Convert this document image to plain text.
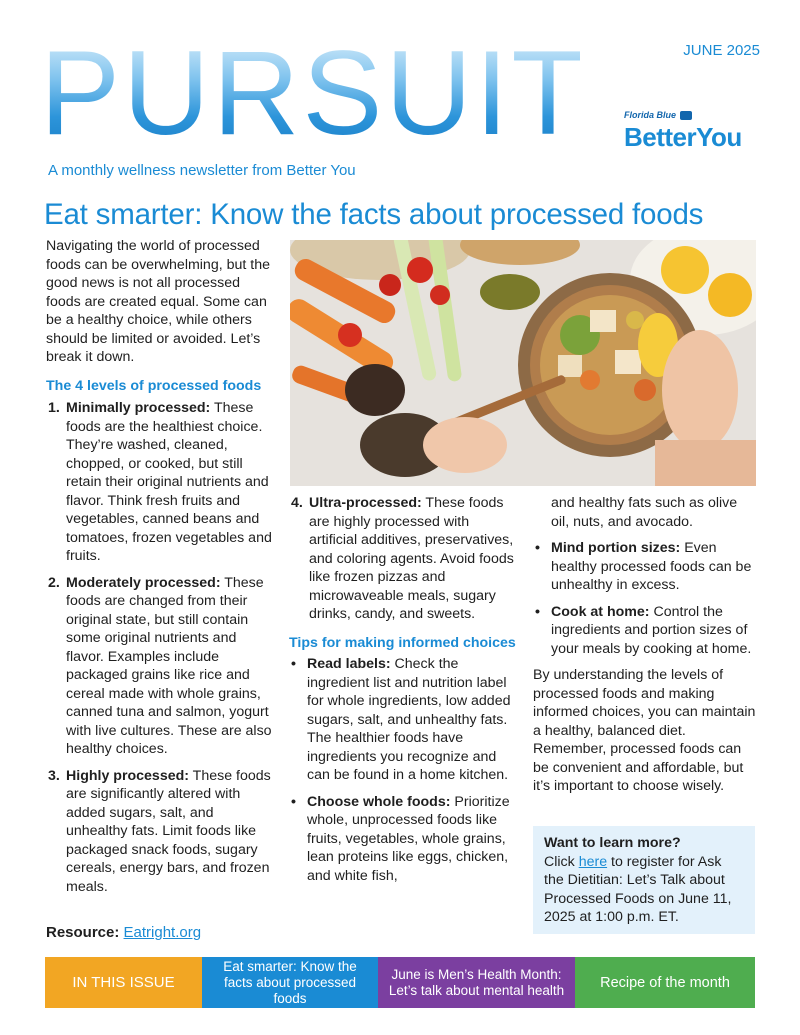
PURSUIT	JUNE 2025
Florida Blue
BetterYou
A monthly wellness newsletter from Better You
Eat smarter: Know the facts about processed foods

Navigating the world of processed foods can be overwhelming, but the good news is not all processed foods are created equal. Some can be a healthy choice, while others should be limited or avoided. Let’s break it down.

The 4 levels of processed foods
1. Minimally processed: These foods are the healthiest choice. They’re washed, cleaned, chopped, or cooked, but still retain their original nutrients and flavor. Think fresh fruits and vegetables, canned beans and tomatoes, frozen vegetables and fruits.
2. Moderately processed: These foods are changed from their original state, but still contain some original nutrients and flavor. Examples include packaged grains like rice and cereal made with whole grains, canned tuna and salmon, yogurt with live cultures. These are also healthy choices.
3. Highly processed: These foods are significantly altered with added sugars, salt, and unhealthy fats. Limit foods like packaged snack foods, sugary cereals, energy bars, and frozen meals.
4. Ultra-processed: These foods are highly processed with artificial additives, preservatives, and coloring agents. Avoid foods like frozen pizzas and microwaveable meals, sugary drinks, candy, and sweets.
Tips for making informed choices
• Read labels: Check the ingredient list and nutrition label for whole ingredients, low added sugars, salt, and unhealthy fats. The healthier foods have ingredients you recognize and can be found in a home kitchen.
• Choose whole foods: Prioritize whole, unprocessed foods like fruits, vegetables, whole grains, lean proteins like eggs, chicken, and white fish,

and healthy fats such as olive oil, nuts, and avocado.

• Mind portion sizes: Even healthy processed foods can be unhealthy in excess.
• Cook at home: Control the ingredients and portion sizes of your meals by cooking at home.

By understanding the levels of processed foods and making informed choices, you can maintain a healthy, balanced diet. Remember, processed foods can be convenient and affordable, but it’s important to choose wisely.

Want to learn more?
Click here to register for Ask the Dietitian: Let’s Talk about Processed Foods on June 11, 2025 at 1:00 p.m. ET.
Resource: Eatright.org
IN THIS ISSUE
Eat smarter: Know the facts about processed foods
June is Men’s Health Month: Let’s talk about mental health	Recipe of the month
